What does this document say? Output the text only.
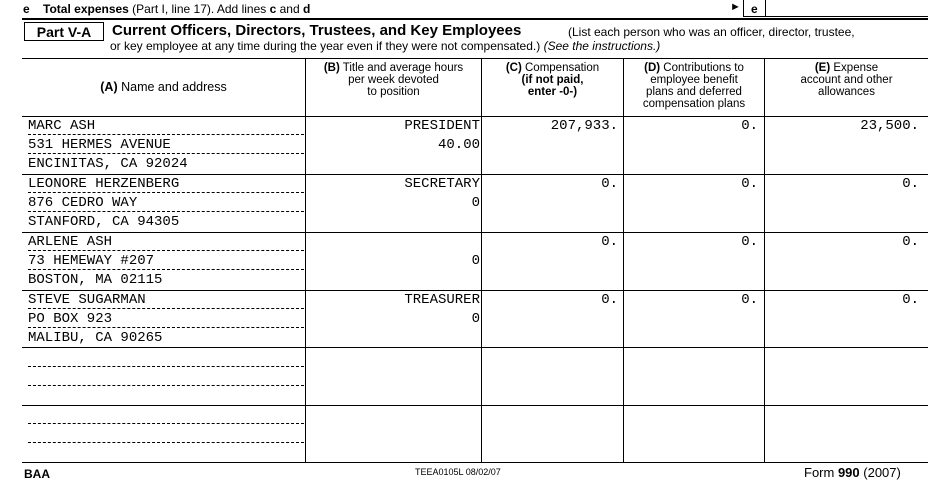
e Total expenses (Part I, line 17). Add lines c and d	► e
Part V-A	Current Officers, Directors, Trustees, and Key Employees	(List each person who was an officer, director, trustee,
or key employee at any time during the year even if they were not compensated.) (See the instructions.)
(A) Name and address
(B) Title and average hours
per week devoted
to position
(C) Compensation
(if not paid,
enter -0-)
(D) Contributions to
employee benefit
plans and deferred
compensation plans
(E) Expense
account and other
allowances
MARC ASH
531 HERMES AVENUE
ENCINITAS, CA 92024
PRESIDENT
40.00
207,933.	0.	23,500.
LEONORE HERZENBERG
876 CEDRO WAY
STANFORD, CA 94305
SECRETARY
0
0.	0.	0.
ARLENE ASH
73 HEMEWAY #207
BOSTON, MA 02115
0
0.	0.	0.
STEVE SUGARMAN
PO BOX 923
MALIBU, CA 90265
TREASURER
0
0.	0.	0.
BAA	TEEA0105L 08/02/07	Form 990 (2007)
